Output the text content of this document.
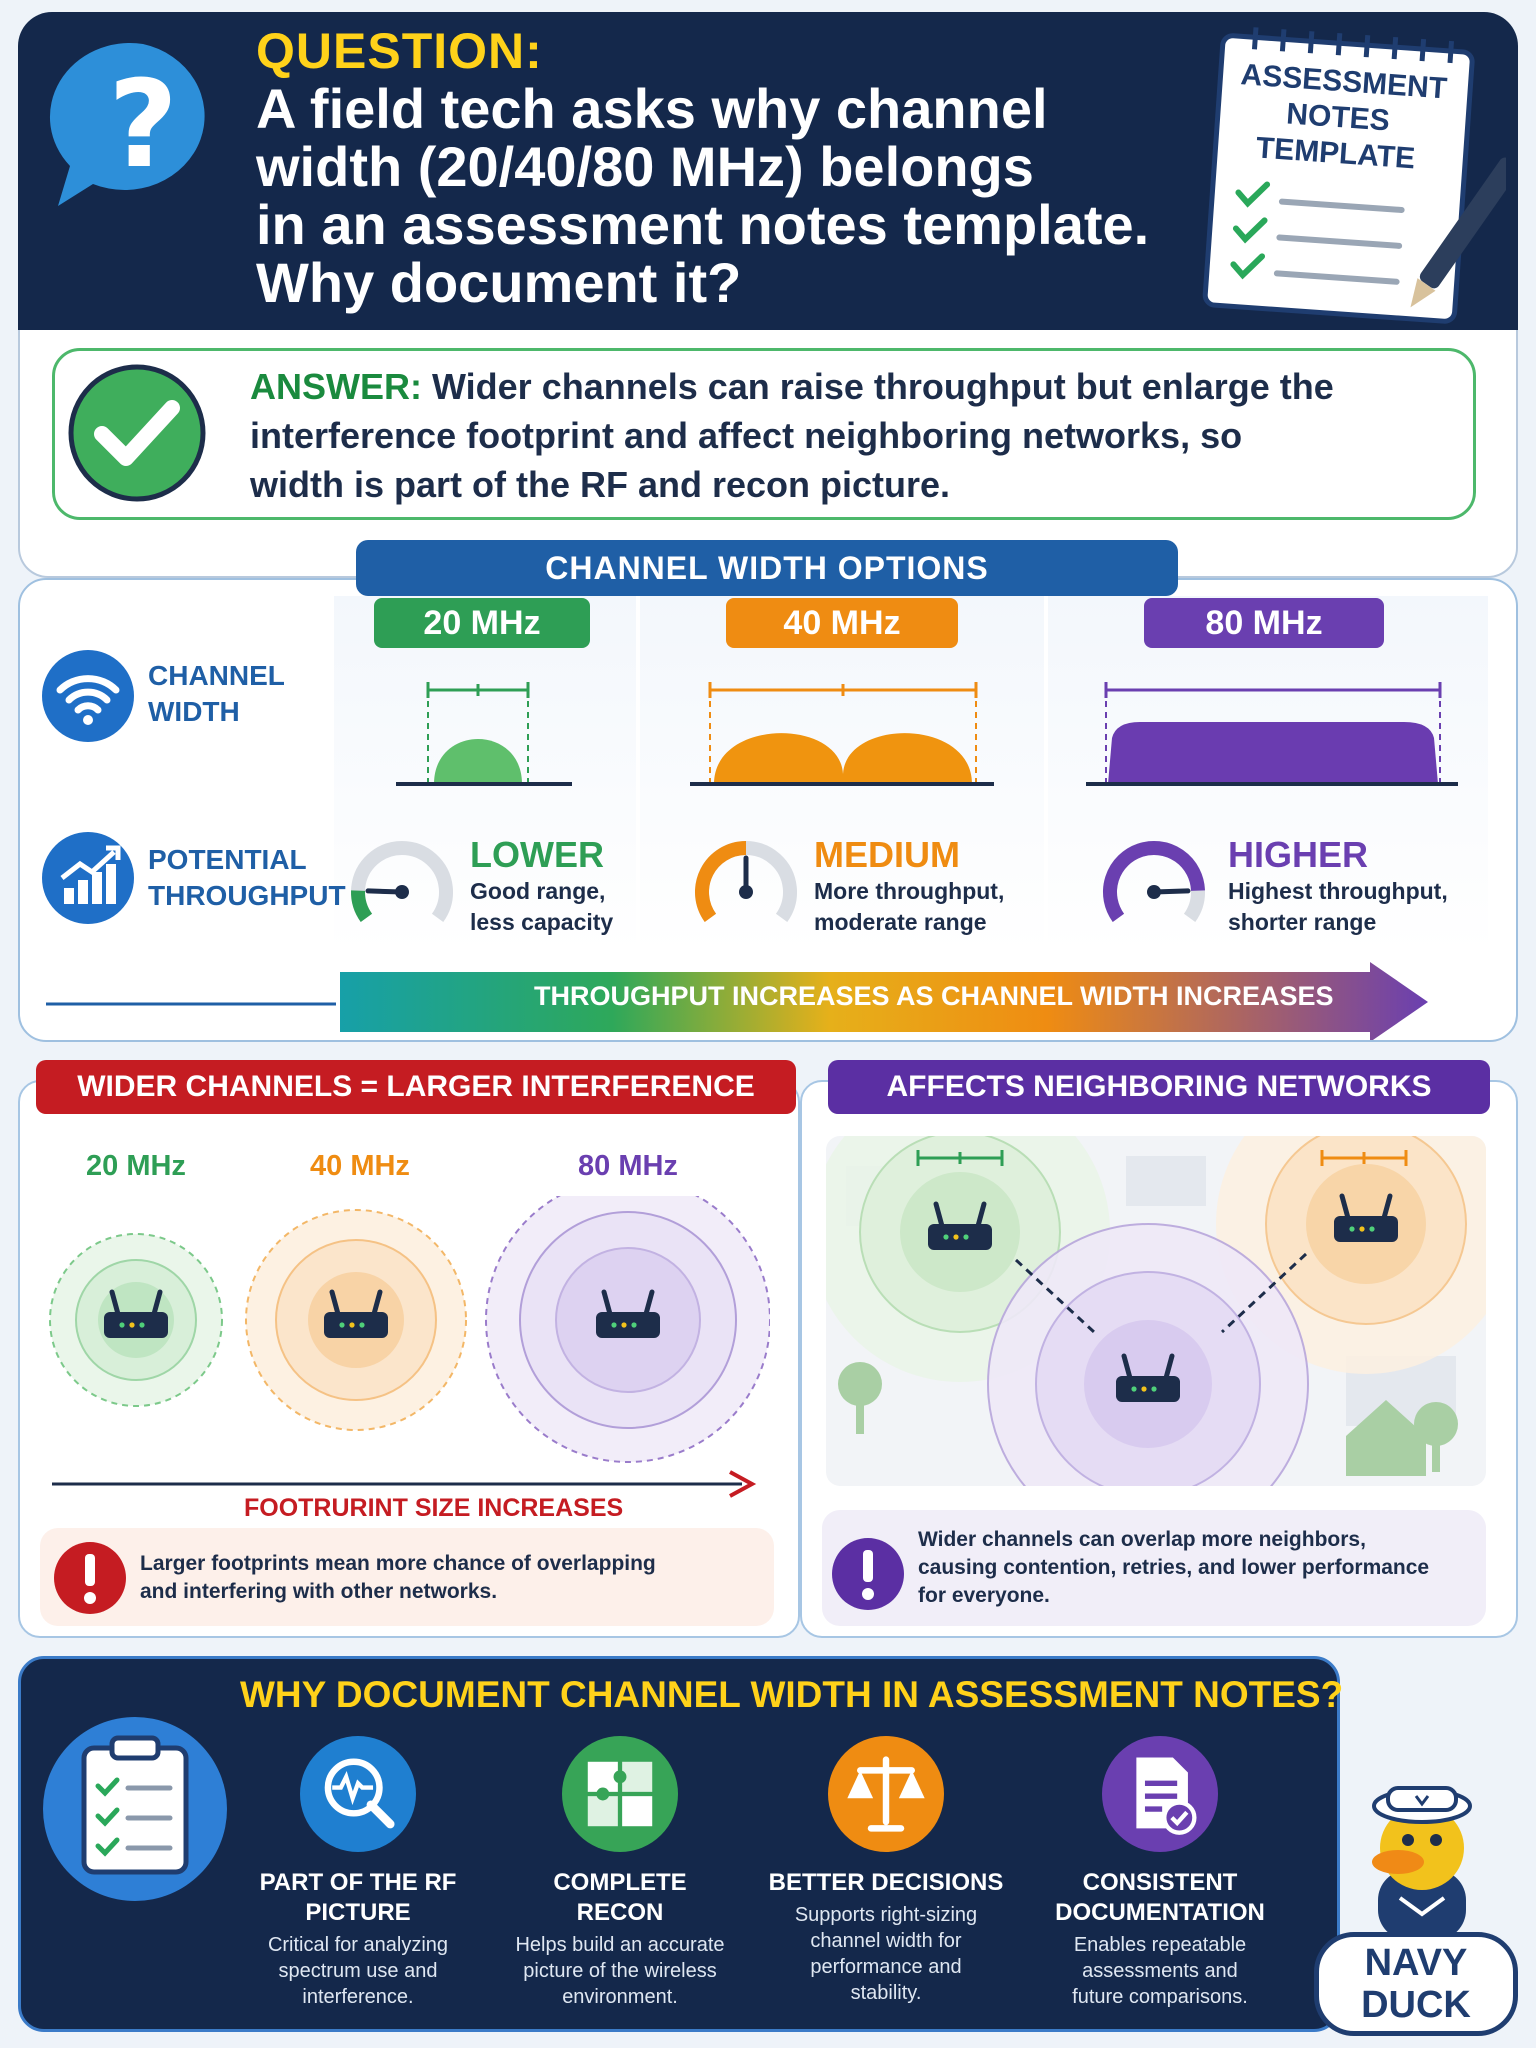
?
QUESTION:
A field tech asks why channel
width (20/40/80 MHz) belongs
in an assessment notes template.
Why document it?
ASSESSMENT
NOTES
TEMPLATE
ANSWER: Wider channels can raise throughput but enlarge the
interference footprint and affect neighboring networks, so
width is part of the RF and recon picture.
CHANNEL WIDTH OPTIONS
CHANNEL
WIDTH
POTENTIAL
THROUGHPUT
20 MHz	40 MHz	80 MHz
LOWER
Good range,
less capacity
MEDIUM
More throughput,
moderate range
HIGHER
Highest throughput,
shorter range
THROUGHPUT INCREASES AS CHANNEL WIDTH INCREASES
WIDER CHANNELS = LARGER INTERFERENCE FOOTPRINT
AFFECTS NEIGHBORING NETWORKS
20 MHz	40 MHz	80 MHz
FOOTRURINT SIZE INCREASES
Larger footprints mean more chance of overlapping
and interfering with other networks.
Wider channels can overlap more neighbors,
causing contention, retries, and lower performance
for everyone.
WHY DOCUMENT CHANNEL WIDTH IN ASSESSMENT NOTES?
PART OF THE RF
PICTURE
Critical for analyzing
spectrum use and
interference.
COMPLETE
RECON
Helps build an accurate
picture of the wireless
environment.
BETTER DECISIONS
Supports right-sizing
channel width for
performance and
stability.
CONSISTENT
DOCUMENTATION
Enables repeatable
assessments and
future comparisons.
NAVY
DUCK
